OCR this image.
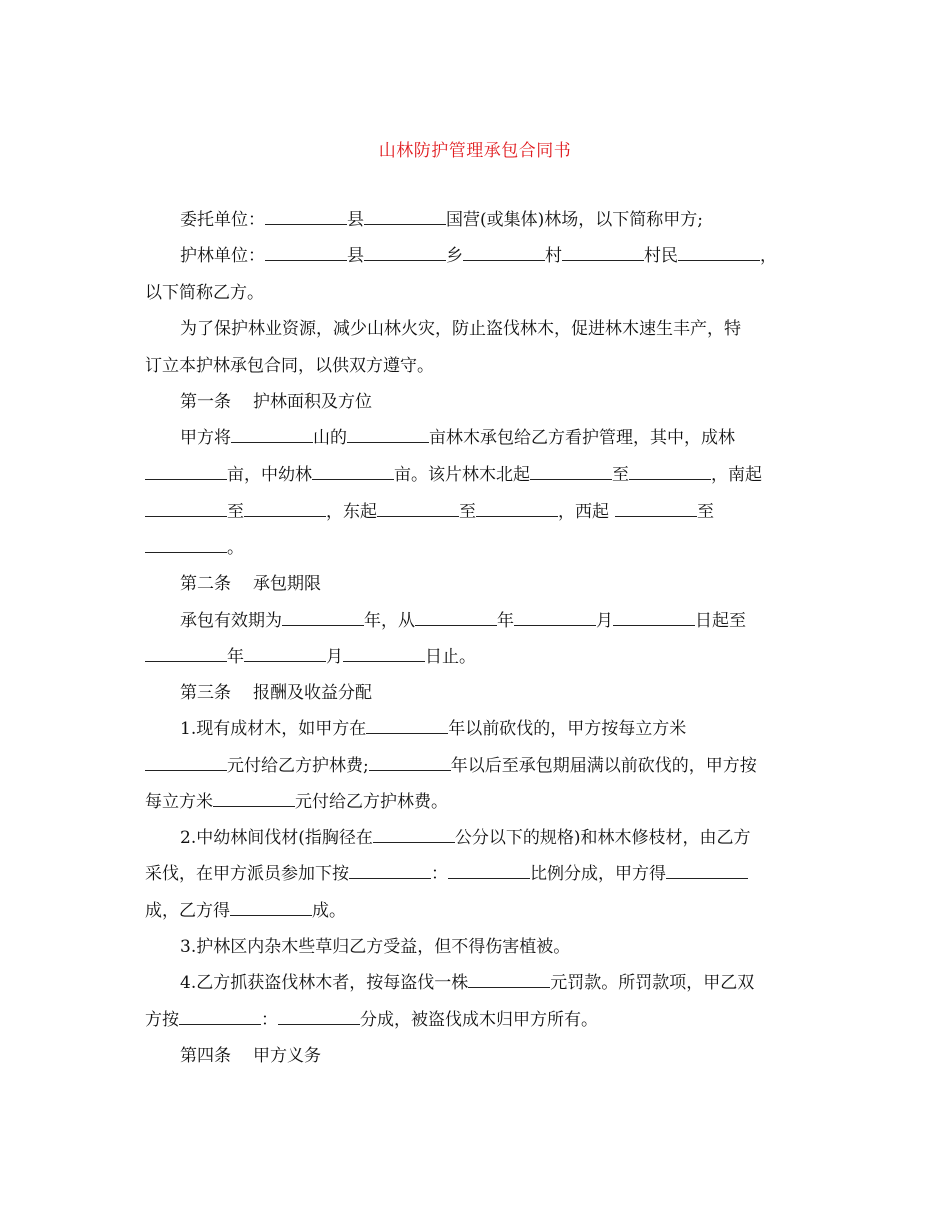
山林防护管理承包合同书
委托单位：	县	国营(或集体)林场，以下简称甲方;
护林单位：	县	乡	村	村民	，
以下简称乙方。
为了保护林业资源，减少山林火灾，防止盗伐林木，促进林木速生丰产，特
订立本护林承包合同，以供双方遵守。
第一条 护林面积及方位
甲方将	山的	亩林木承包给乙方看护管理，其中，成林
亩，中幼林	亩。该片林木北起	至	，南起
至	，东起	至	，西起	至
。
第二条 承包期限
承包有效期为	年，从	年	月	日起至
年	月	日止。
第三条 报酬及收益分配
1.现有成材木，如甲方在	年以前砍伐的，甲方按每立方米
元付给乙方护林费;	年以后至承包期届满以前砍伐的，甲方按
每立方米	元付给乙方护林费。
2.中幼林间伐材(指胸径在	公分以下的规格)和林木修枝材，由乙方
采伐，在甲方派员参加下按	：	比例分成，甲方得
成，乙方得	成。
3.护林区内杂木些草归乙方受益，但不得伤害植被。
4.乙方抓获盗伐林木者，按每盗伐一株	元罚款。所罚款项，甲乙双
方按	：	分成，被盗伐成木归甲方所有。
第四条 甲方义务
